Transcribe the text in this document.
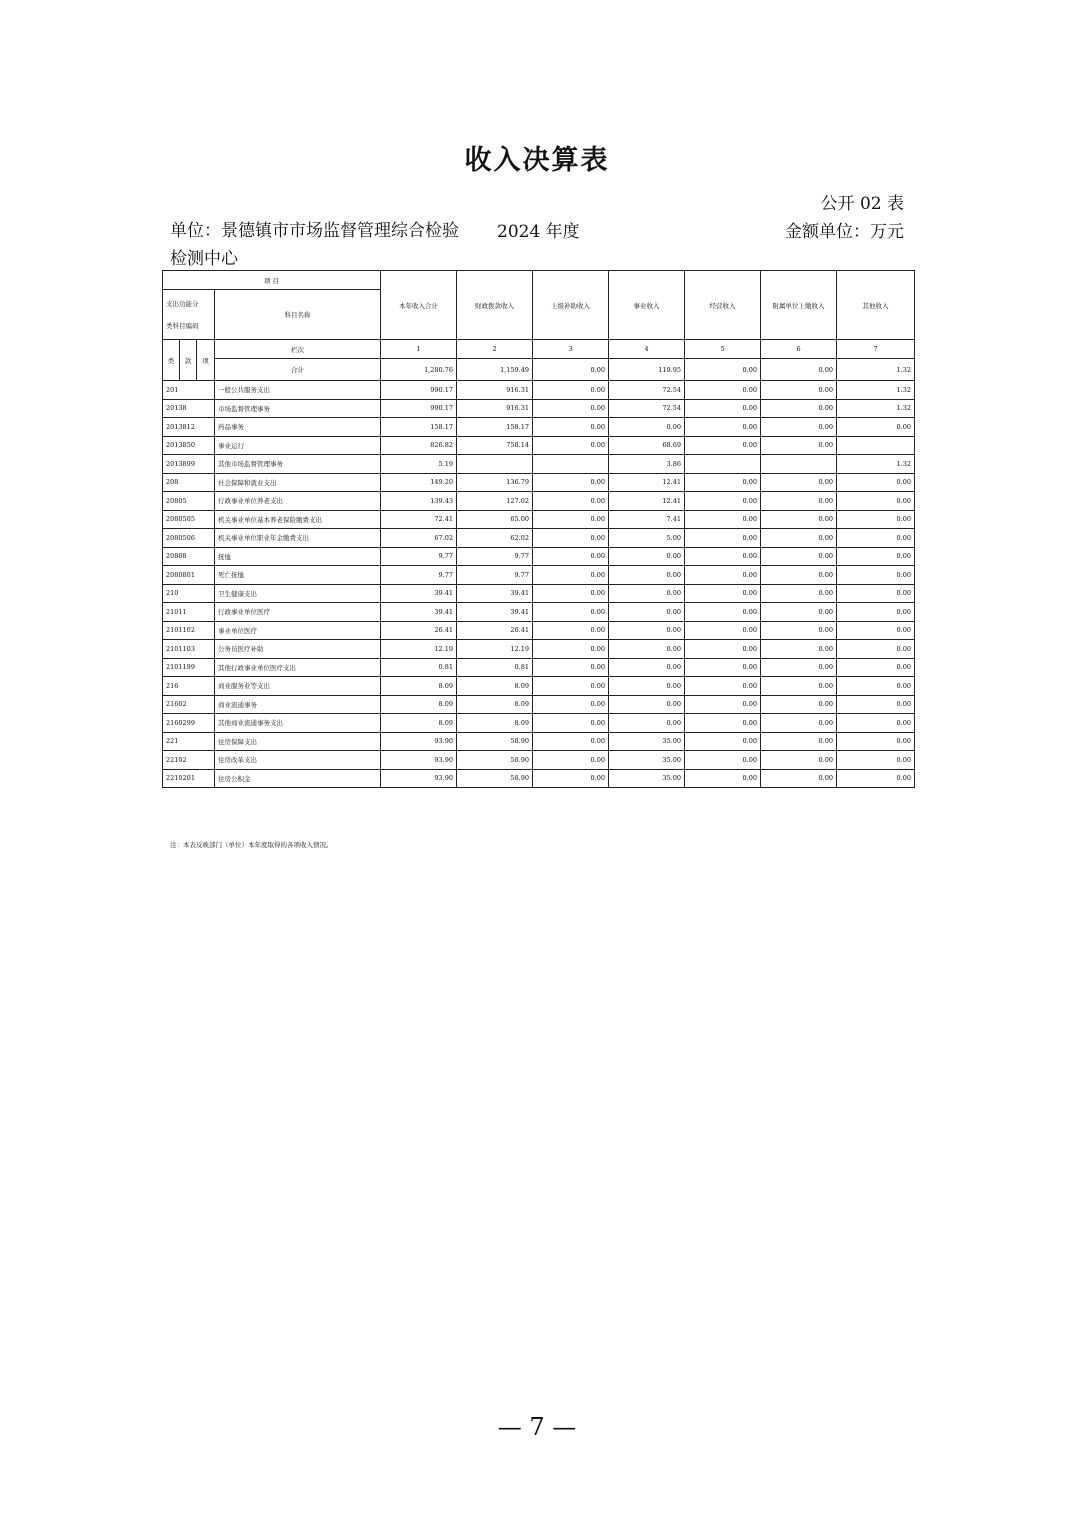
收入决算表
公开 02 表
单位：景德镇市市场监督管理综合检验检测中心
2024 年度	金额单位：万元
项 目				本年收入合计	财政拨款收入	上级补助收入	事业收入	经营收入	附属单位上缴收入	其他收入

支出功能分
类科目编码			科目名称							

类	款	项	栏次	1	2	3	4	5	6	7
			合计	1,280.76	1,159.49	0.00	119.95	0.00	0.00	1.32
201			一般公共服务支出	990.17	916.31	0.00	72.54	0.00	0.00	1.32
20138			市场监督管理事务	990.17	916.31	0.00	72.54	0.00	0.00	1.32
2013812			药品事务	158.17	158.17	0.00	0.00	0.00	0.00	0.00
2013850			事业运行	826.82	758.14	0.00	68.69	0.00	0.00	
2013899			其他市场监督管理事务	5.19			3.86			1.32
208			社会保障和就业支出	149.20	136.79	0.00	12.41	0.00	0.00	0.00
20805			行政事业单位养老支出	139.43	127.02	0.00	12.41	0.00	0.00	0.00
2080505			机关事业单位基本养老保险缴费支出	72.41	65.00	0.00	7.41	0.00	0.00	0.00
2080506			机关事业单位职业年金缴费支出	67.02	62.02	0.00	5.00	0.00	0.00	0.00
20808			抚恤	9.77	9.77	0.00	0.00	0.00	0.00	0.00
2080801			死亡抚恤	9.77	9.77	0.00	0.00	0.00	0.00	0.00
210			卫生健康支出	39.41	39.41	0.00	0.00	0.00	0.00	0.00
21011			行政事业单位医疗	39.41	39.41	0.00	0.00	0.00	0.00	0.00
2101102			事业单位医疗	26.41	26.41	0.00	0.00	0.00	0.00	0.00
2101103			公务员医疗补助	12.19	12.19	0.00	0.00	0.00	0.00	0.00
2101199			其他行政事业单位医疗支出	0.81	0.81	0.00	0.00	0.00	0.00	0.00
216			商业服务业等支出	8.09	8.09	0.00	0.00	0.00	0.00	0.00
21602			商业流通事务	8.09	8.09	0.00	0.00	0.00	0.00	0.00
2160299			其他商业流通事务支出	8.09	8.09	0.00	0.00	0.00	0.00	0.00
221			住房保障支出	93.90	58.90	0.00	35.00	0.00	0.00	0.00
22102			住房改革支出	93.90	58.90	0.00	35.00	0.00	0.00	0.00
2210201			住房公积金	93.90	58.90	0.00	35.00	0.00	0.00	0.00
注：本表反映部门（单位）本年度取得的各项收入情况。
— 7 —
